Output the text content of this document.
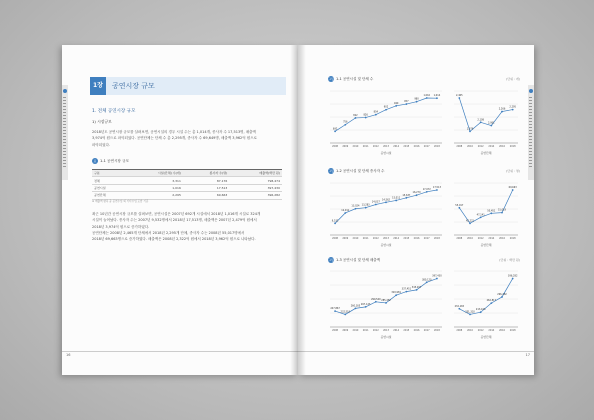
1장	공연시장 규모
1. 전체 공연시장 규모
1) 시장규모
2018년도 공연시장 규모를 살펴보면, 공연시설의 경우 시설 수는 총 1,014개, 종사자 수 17,513명, 매출액
3,974억 원으로 파악되었다. 공연단체는 단체 수 총 2,295개, 종사자 수 69,649명, 매출액 3,962억 원으로
파악되었다.
표 1-1 공연시장 규모
구분	시설(단체) 수(개)	종사자 수(명)	매출액(백만 원)
전체	3,311	87,176	798,474
공연시설	1,016	17,513	397,430
공연단체	2,295	69,663	396,282
※ 매출액 항목 중 공연수입 외 기타수입 포함 기준
최근 10년간 공연시장 규모를 살펴보면, 공연시설은 2007년 692개 시설에서 2018년 1,016개 시설로 324개
시설이 늘어났다. 종사자 수는 2007년 9,532명에서 2018년 17,513명, 매출액은 2007년 2,479억 원에서
2018년 3,974억 원으로 증가하였다.
공연단체는 2008년 2,465개 단체에서 2018년 2,295개 단체, 종사자 수는 2008년 55,017명에서
2018년 69,663명으로 증가하였다. 매출액은 2008년 2,322억 원에서 2018년 3,962억 원으로 나타났다.
16
그림 1-1 공연시설 및 단체 수	(단위 : 개)
692
2008
756
2009
822
2010
826
2011
854
2012
902
2013
940
2014
957
2015
980
2016
1,016
2017
1,014
2018
공연시설
2,465
2008
1,976
2010
2,108
2012
2,061
2014
2,266
2016
2,295
2018
공연단체
그림 1-2 공연시설 및 단체 종사자 수	(단위 : 명)
9,532
2008
12,011
2009
13,024
2010
13,283
2011
14,037
2012
14,562
2013
15,011
2014
15,637
2015
16,270
2016
17,072
2017
17,513
2018
공연시설
55,017
2008
42,221
2010
47,141
2012
50,451
2014
51,019
2016
69,663
2018
공연단체
그림 1-3 공연시설 및 단체 매출액	(단위 : 백만 원)
247,867
2008
232,519
2009
260,305
2010
267,123
2011
290,540
2012
285,452
2013
320,981
2014
337,451
2015
345,207
2016
380,120
2017
397,430
2018
공연시설
232,165
2008
201,310
2010
213,426
2012
262,817
2014
296,282
2016
396,282
2018
공연단체
17
